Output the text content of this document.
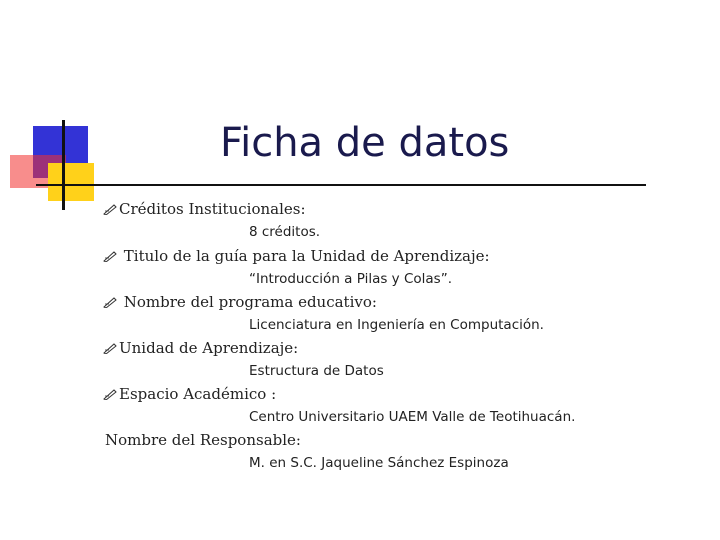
Ficha de datos
Créditos Institucionales:
8 créditos.
Titulo de la guía para la Unidad de Aprendizaje:
“Introducción a Pilas y Colas”.
Nombre del programa educativo:
Licenciatura en Ingeniería en Computación.
Unidad de Aprendizaje:
Estructura de Datos
Espacio Académico :
Centro Universitario UAEM Valle de Teotihuacán.
Nombre del Responsable:
M. en S.C. Jaqueline Sánchez Espinoza
